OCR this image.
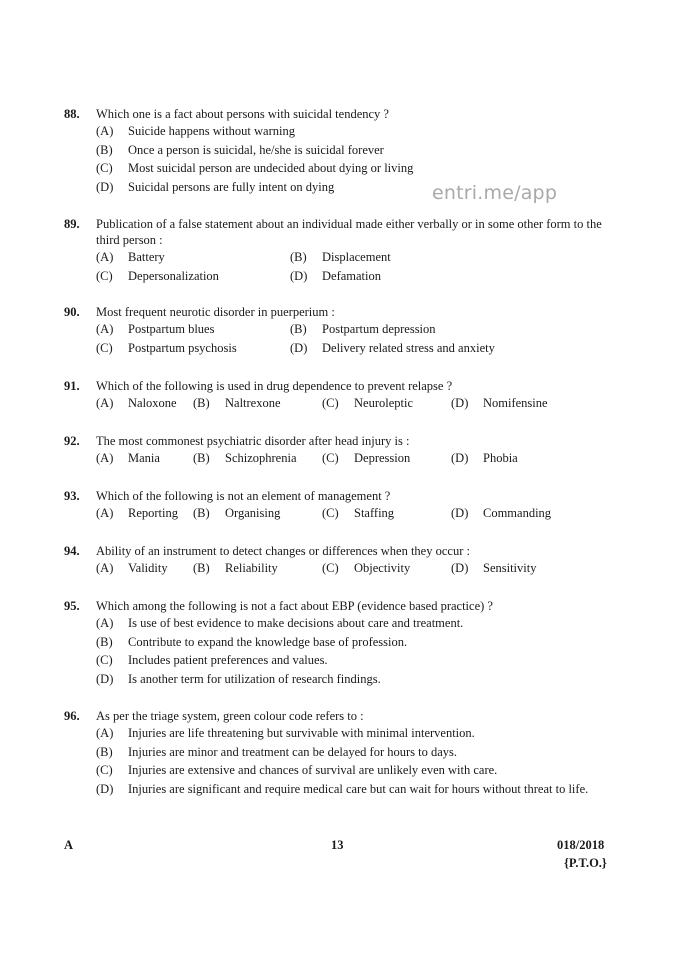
88.	Which one is a fact about persons with suicidal tendency ?
(A)	Suicide happens without warning
(B)	Once a person is suicidal, he/she is suicidal forever
(C)	Most suicidal person are undecided about dying or living
(D)	Suicidal persons are fully intent on dying	entri.me/app
89.	Publication of a false statement about an individual made either verbally or in some other form to the third person :
(A)	Battery	(B)	Displacement
(C)	Depersonalization	(D)	Defamation
90.	Most frequent neurotic disorder in puerperium :
(A)	Postpartum blues	(B)	Postpartum depression
(C)	Postpartum psychosis	(D)	Delivery related stress and anxiety
91.	Which of the following is used in drug dependence to prevent relapse ?
(A)	Naloxone	(B)	Naltrexone	(C)	Neuroleptic	(D)	Nomifensine
92.	The most commonest psychiatric disorder after head injury is :
(A)	Mania	(B)	Schizophrenia	(C)	Depression	(D)	Phobia
93.	Which of the following is not an element of management ?
(A)	Reporting	(B)	Organising	(C)	Staffing	(D)	Commanding
94.	Ability of an instrument to detect changes or differences when they occur :
(A)	Validity	(B)	Reliability	(C)	Objectivity	(D)	Sensitivity
95.	Which among the following is not a fact about EBP (evidence based practice) ?
(A)	Is use of best evidence to make decisions about care and treatment.
(B)	Contribute to expand the knowledge base of profession.
(C)	Includes patient preferences and values.
(D)	Is another term for utilization of research findings.
96.	As per the triage system, green colour code refers to :
(A)	Injuries are life threatening but survivable with minimal intervention.
(B)	Injuries are minor and treatment can be delayed for hours to days.
(C)	Injuries are extensive and chances of survival are unlikely even with care.
(D)	Injuries are significant and require medical care but can wait for hours without threat to life.
A	13	018/2018
{P.T.O.}
